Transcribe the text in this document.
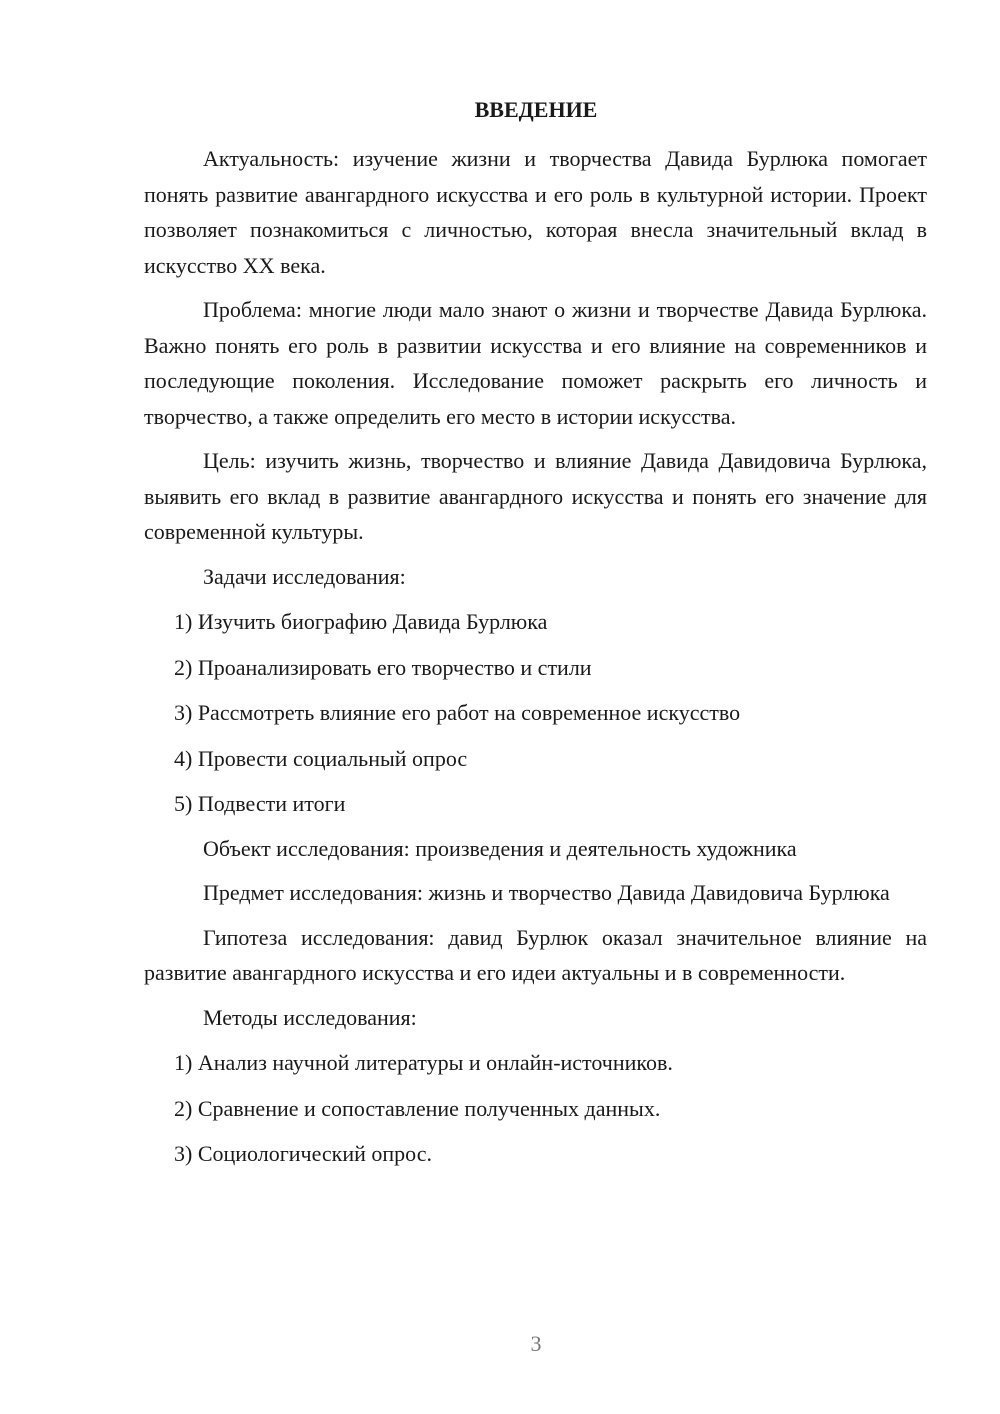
ВВЕДЕНИЕ

Актуальность: изучение жизни и творчества Давида Бурлюка помогает понять развитие авангардного искусства и его роль в культурной истории. Проект позволяет познакомиться с личностью, которая внесла значительный вклад в искусство XX века.

Проблема: многие люди мало знают о жизни и творчестве Давида Бурлюка. Важно понять его роль в развитии искусства и его влияние на современников и последующие поколения. Исследование поможет раскрыть его личность и творчество, а также определить его место в истории искусства.

Цель: изучить жизнь, творчество и влияние Давида Давидовича Бурлюка, выявить его вклад в развитие авангардного искусства и понять его значение для современной культуры.

Задачи исследования:

1) Изучить биографию Давида Бурлюка

2) Проанализировать его творчество и стили

3) Рассмотреть влияние его работ на современное искусство

4) Провести социальный опрос

5) Подвести итоги

Объект исследования: произведения и деятельность художника

Предмет исследования: жизнь и творчество Давида Давидовича Бурлюка

Гипотеза исследования: давид Бурлюк оказал значительное влияние на развитие авангардного искусства и его идеи актуальны и в современности.

Методы исследования:

1) Анализ научной литературы и онлайн-источников.

2) Сравнение и сопоставление полученных данных.

3) Социологический опрос.

3
